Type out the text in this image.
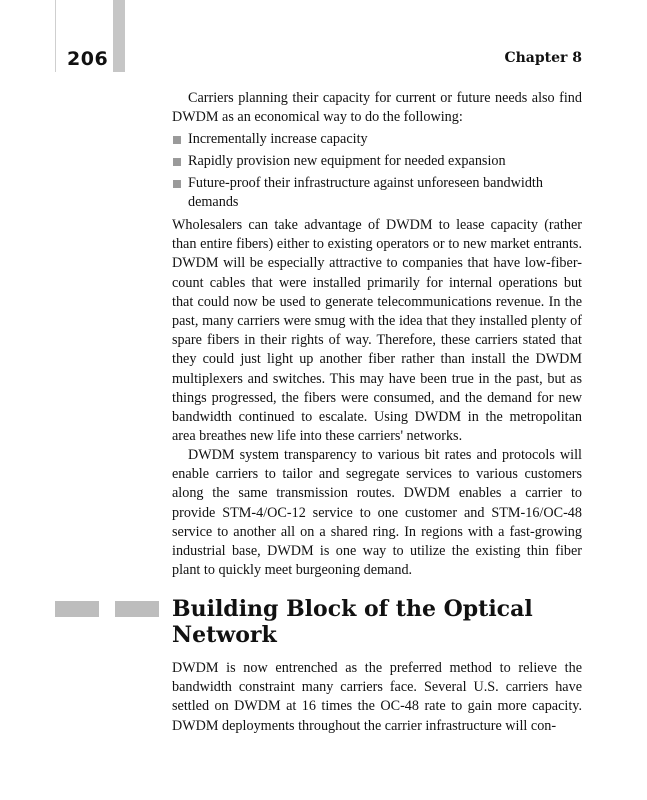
206	Chapter 8

Carriers planning their capacity for current or future needs also find DWDM as an economical way to do the following:

Incrementally increase capacity
Rapidly provision new equipment for needed expansion
Future-proof their infrastructure against unforeseen bandwidth demands

Wholesalers can take advantage of DWDM to lease capacity (rather than entire fibers) either to existing operators or to new market entrants. DWDM will be especially attractive to companies that have low-fiber-count cables that were installed primarily for internal operations but that could now be used to generate telecommunications revenue. In the past, many carriers were smug with the idea that they installed plenty of spare fibers in their rights of way. Therefore, these carriers stated that they could just light up another fiber rather than install the DWDM multiplexers and switches. This may have been true in the past, but as things progressed, the fibers were consumed, and the demand for new bandwidth continued to escalate. Using DWDM in the metropolitan area breathes new life into these carriers' networks.

DWDM system transparency to various bit rates and protocols will enable carriers to tailor and segregate services to various customers along the same transmission routes. DWDM enables a carrier to provide STM-4/OC-12 service to one customer and STM-16/OC-48 service to another all on a shared ring. In regions with a fast-growing industrial base, DWDM is one way to utilize the existing thin fiber plant to quickly meet burgeoning demand.

Building Block of the Optical Network

DWDM is now entrenched as the preferred method to relieve the bandwidth constraint many carriers face. Several U.S. carriers have settled on DWDM at 16 times the OC-48 rate to gain more capacity. DWDM deployments throughout the carrier infrastructure will con-
